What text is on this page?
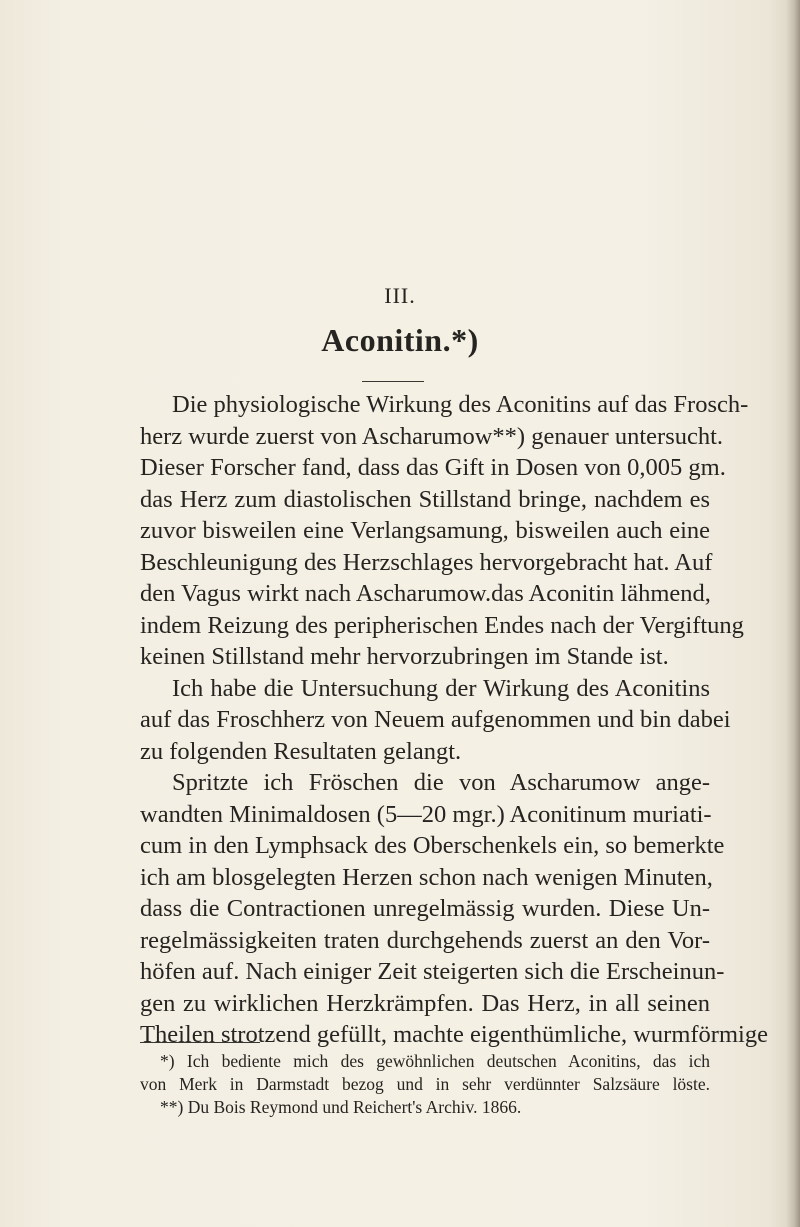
III.
Aconitin.*)
Die physiologische Wirkung des Aconitins auf das Frosch-
herz wurde zuerst von Ascharumow**) genauer untersucht.
Dieser Forscher fand, dass das Gift in Dosen von 0,005 gm.
das Herz zum diastolischen Stillstand bringe, nachdem es
zuvor bisweilen eine Verlangsamung, bisweilen auch eine
Beschleunigung des Herzschlages hervorgebracht hat. Auf
den Vagus wirkt nach Ascharumow.das Aconitin lähmend,
indem Reizung des peripherischen Endes nach der Vergiftung
keinen Stillstand mehr hervorzubringen im Stande ist.
Ich habe die Untersuchung der Wirkung des Aconitins
auf das Froschherz von Neuem aufgenommen und bin dabei
zu folgenden Resultaten gelangt.
Spritzte ich Fröschen die von Ascharumow ange-
wandten Minimaldosen (5—20 mgr.) Aconitinum muriati-
cum in den Lymphsack des Oberschenkels ein, so bemerkte
ich am blosgelegten Herzen schon nach wenigen Minuten,
dass die Contractionen unregelmässig wurden. Diese Un-
regelmässigkeiten traten durchgehends zuerst an den Vor-
höfen auf. Nach einiger Zeit steigerten sich die Erscheinun-
gen zu wirklichen Herzkrämpfen. Das Herz, in all seinen
Theilen strotzend gefüllt, machte eigenthümliche, wurmförmige
*) Ich bediente mich des gewöhnlichen deutschen Aconitins, das ich
von Merk in Darmstadt bezog und in sehr verdünnter Salzsäure löste.
**) Du Bois Reymond und Reichert's Archiv. 1866.
